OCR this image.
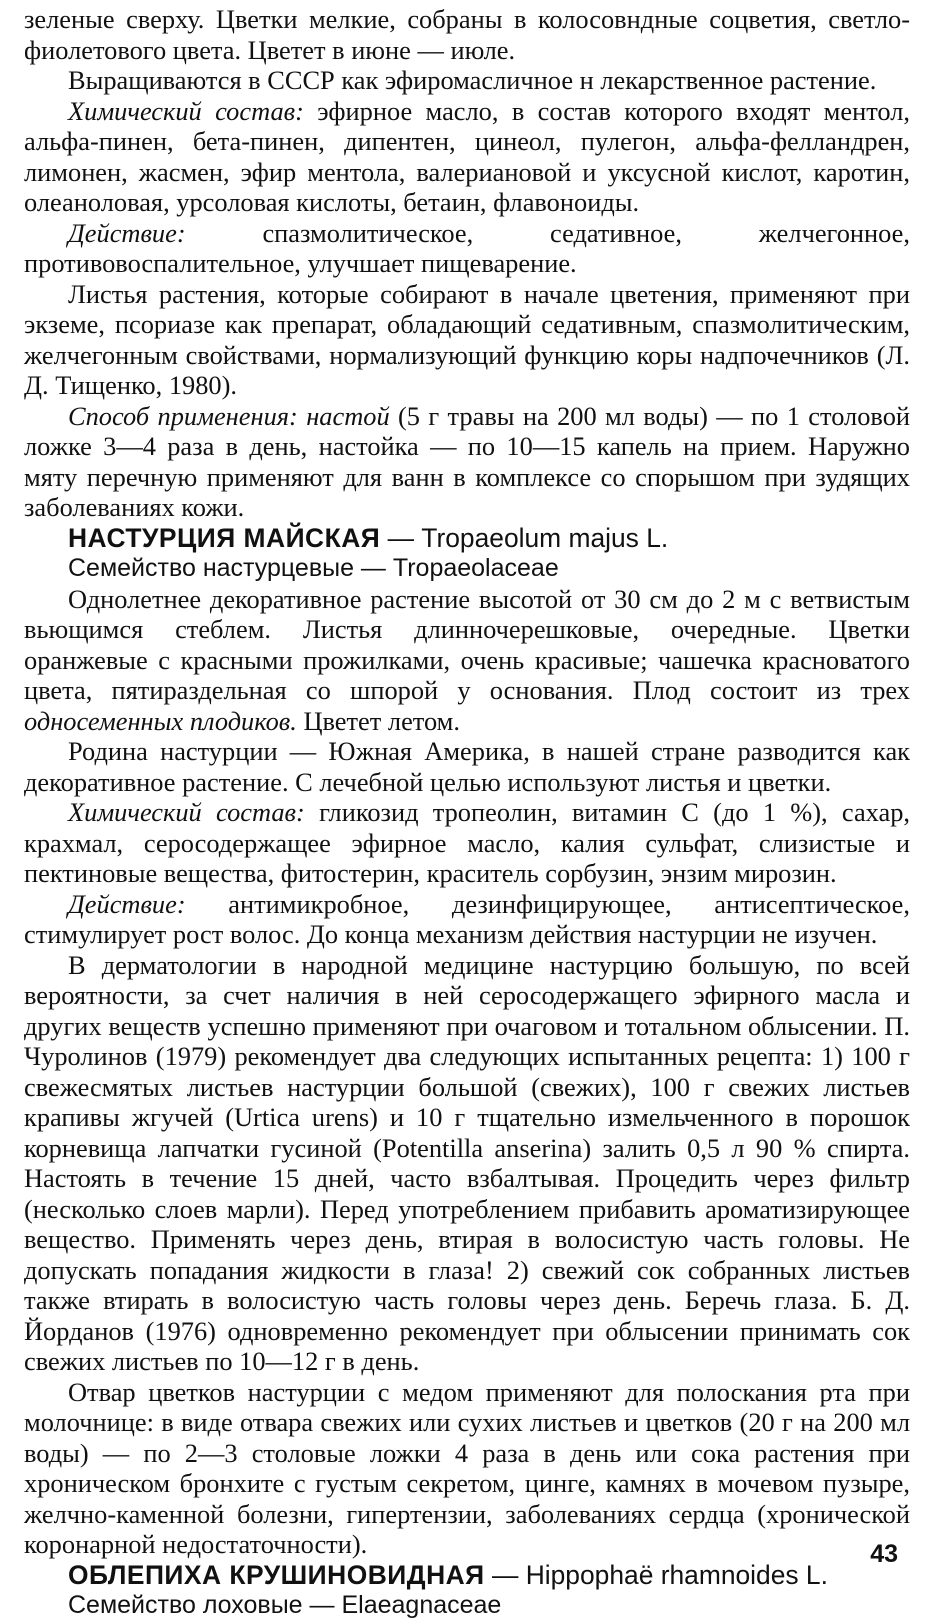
зеленые сверху. Цветки мелкие, собраны в колосовндные соцветия, светло-фиолетового цвета. Цветет в июне — июле.

Выращиваются в СССР как эфиромасличное н лекарственное растение.

Химический состав: эфирное масло, в состав которого входят ментол, альфа-пинен, бета-пинен, дипентен, цинеол, пулегон, альфа-фелландрен, лимонен, жасмен, эфир ментола, валериановой и уксусной кислот, каротин, олеаноловая, урсоловая кислоты, бетаин, флавоноиды.

Действие: спазмолитическое, седативное, желчегонное, противовоспалительное, улучшает пищеварение.

Листья растения, которые собирают в начале цветения, применяют при экземе, псориазе как препарат, обладающий седативным, спазмолитическим, желчегонным свойствами, нормализующий функцию коры надпочечников (Л. Д. Тищенко, 1980).

Способ применения: настой (5 г травы на 200 мл воды) — по 1 столовой ложке 3—4 раза в день, настойка — по 10—15 капель на прием. Наружно мяту перечную применяют для ванн в комплексе со спорышом при зудящих заболеваниях кожи.

НАСТУРЦИЯ МАЙСКАЯ — Tropaeolum majus L.

Семейство настурцевые — Tropaeolaceae

Однолетнее декоративное растение высотой от 30 см до 2 м с ветвистым вьющимся стеблем. Листья длинночерешковые, очередные. Цветки оранжевые с красными прожилками, очень красивые; чашечка красноватого цвета, пятираздельная со шпорой у основания. Плод состоит из трех односеменных плодиков. Цветет летом.

Родина настурции — Южная Америка, в нашей стране разводится как декоративное растение. С лечебной целью используют листья и цветки.

Химический состав: гликозид тропеолин, витамин С (до 1 %), сахар, крахмал, серосодержащее эфирное масло, калия сульфат, слизистые и пектиновые вещества, фитостерин, краситель сорбузин, энзим мирозин.

Действие: антимикробное, дезинфицирующее, антисептическое, стимулирует рост волос. До конца механизм действия настурции не изучен.

В дерматологии в народной медицине настурцию большую, по всей вероятности, за счет наличия в ней серосодержащего эфирного масла и других веществ успешно применяют при очаговом и тотальном облысении. П. Чуролинов (1979) рекомендует два следующих испытанных рецепта: 1) 100 г свежесмятых листьев настурции большой (свежих), 100 г свежих листьев крапивы жгучей (Urtica urens) и 10 г тщательно измельченного в порошок корневища лапчатки гусиной (Potentilla anserina) залить 0,5 л 90 % спирта. Настоять в течение 15 дней, часто взбалтывая. Процедить через фильтр (несколько слоев марли). Перед употреблением прибавить ароматизирующее вещество. Применять через день, втирая в волосистую часть головы. Не допускать попадания жидкости в глаза! 2) свежий сок собранных листьев также втирать в волосистую часть головы через день. Беречь глаза. Б. Д. Йорданов (1976) одновременно рекомендует при облысении принимать сок свежих листьев по 10—12 г в день.

Отвар цветков настурции с медом применяют для полоскания рта при молочнице: в виде отвара свежих или сухих листьев и цветков (20 г на 200 мл воды) — по 2—3 столовые ложки 4 раза в день или сока растения при хроническом бронхите с густым секретом, цинге, камнях в мочевом пузыре, желчно-каменной болезни, гипертензии, заболеваниях сердца (хронической коронарной недостаточности).

ОБЛЕПИХА КРУШИНОВИДНАЯ — Hippophaё rhamnoides L.

Семейство лоховые — Elaeagnaceae

43
